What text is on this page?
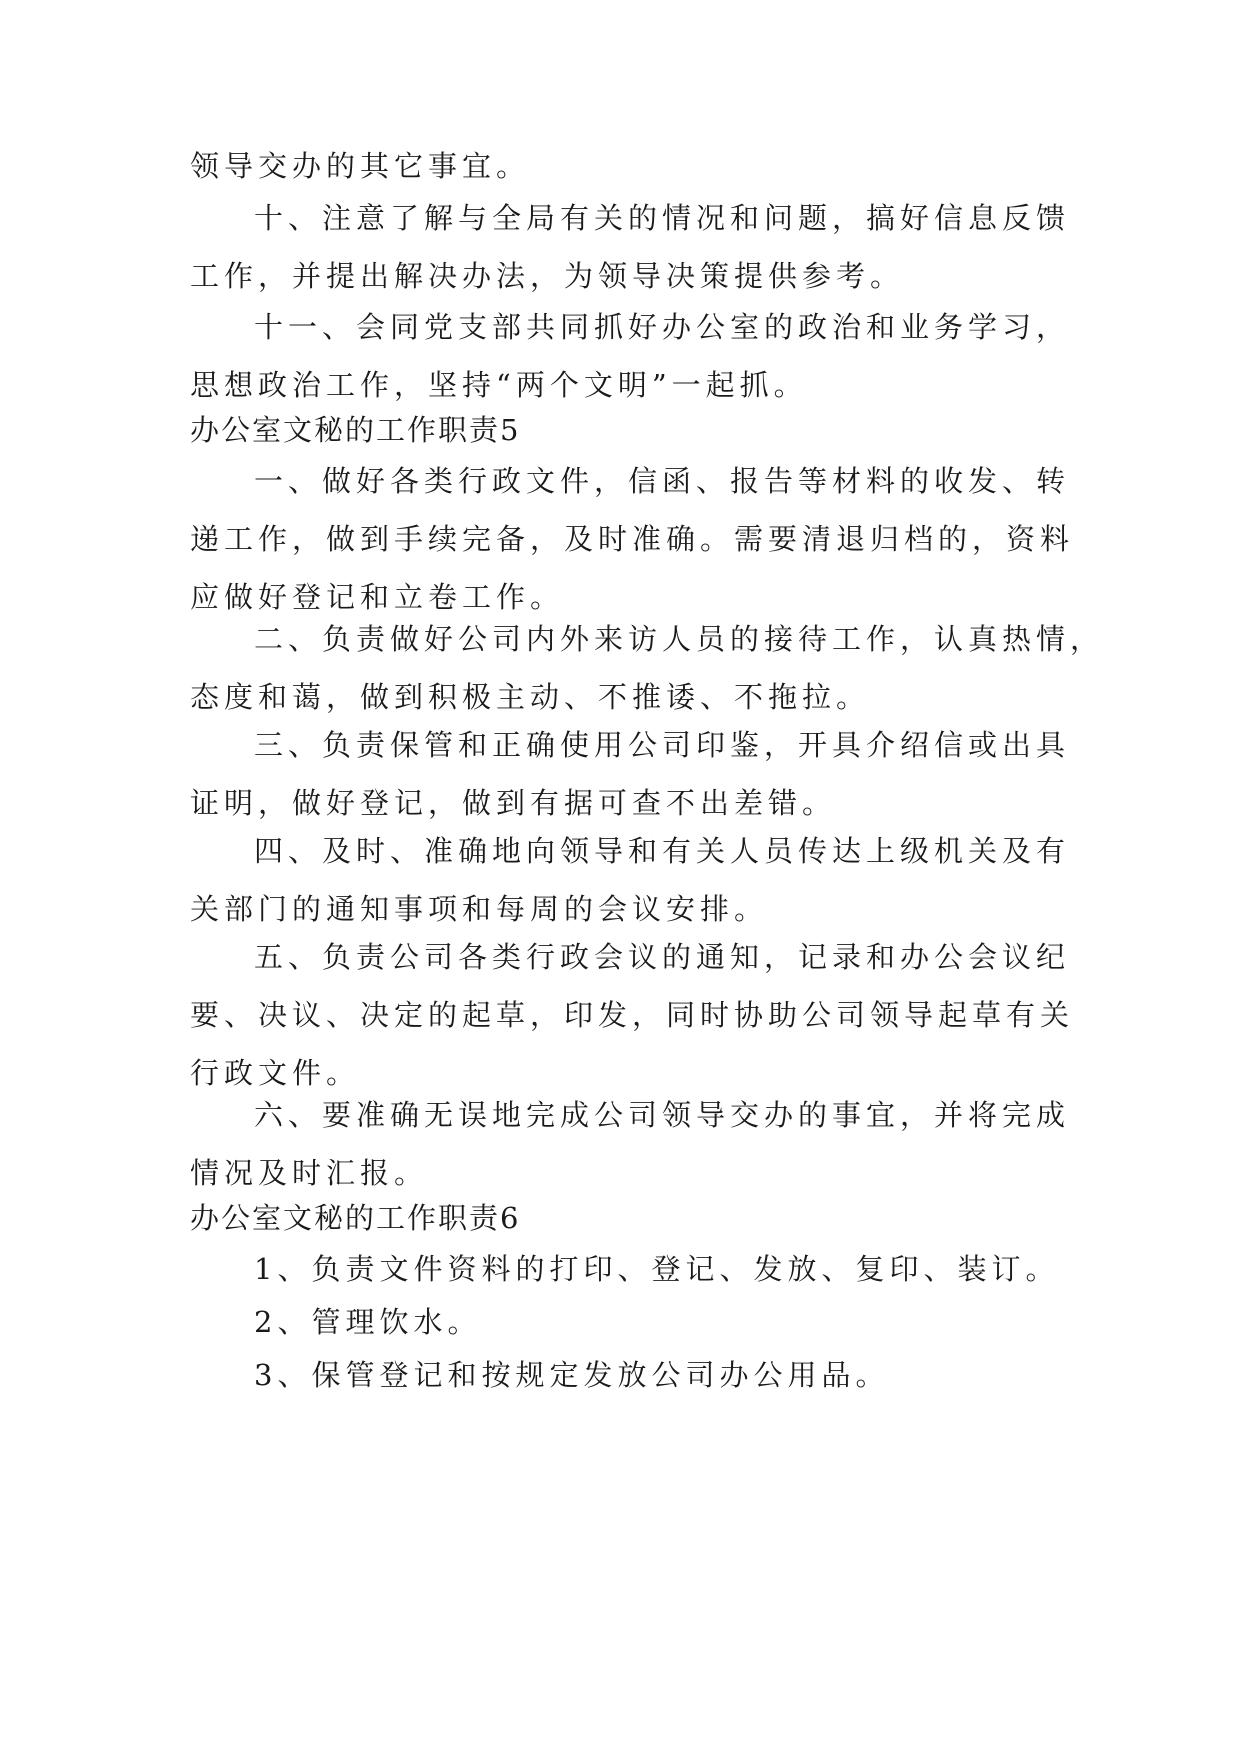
领导交办的其它事宜。
十、注意了解与全局有关的情况和问题，搞好信息反馈
工作，并提出解决办法，为领导决策提供参考。
十一、会同党支部共同抓好办公室的政治和业务学习，
思想政治工作，坚持“两个文明”一起抓。
办公室文秘的工作职责5
一、做好各类行政文件，信函、报告等材料的收发、转
递工作，做到手续完备，及时准确。需要清退归档的，资料
应做好登记和立卷工作。
二、负责做好公司内外来访人员的接待工作，认真热情，
态度和蔼，做到积极主动、不推诿、不拖拉。
三、负责保管和正确使用公司印鉴，开具介绍信或出具
证明，做好登记，做到有据可查不出差错。
四、及时、准确地向领导和有关人员传达上级机关及有
关部门的通知事项和每周的会议安排。
五、负责公司各类行政会议的通知，记录和办公会议纪
要、决议、决定的起草，印发，同时协助公司领导起草有关
行政文件。
六、要准确无误地完成公司领导交办的事宜，并将完成
情况及时汇报。
办公室文秘的工作职责6
1、负责文件资料的打印、登记、发放、复印、装订。
2、管理饮水。
3、保管登记和按规定发放公司办公用品。
